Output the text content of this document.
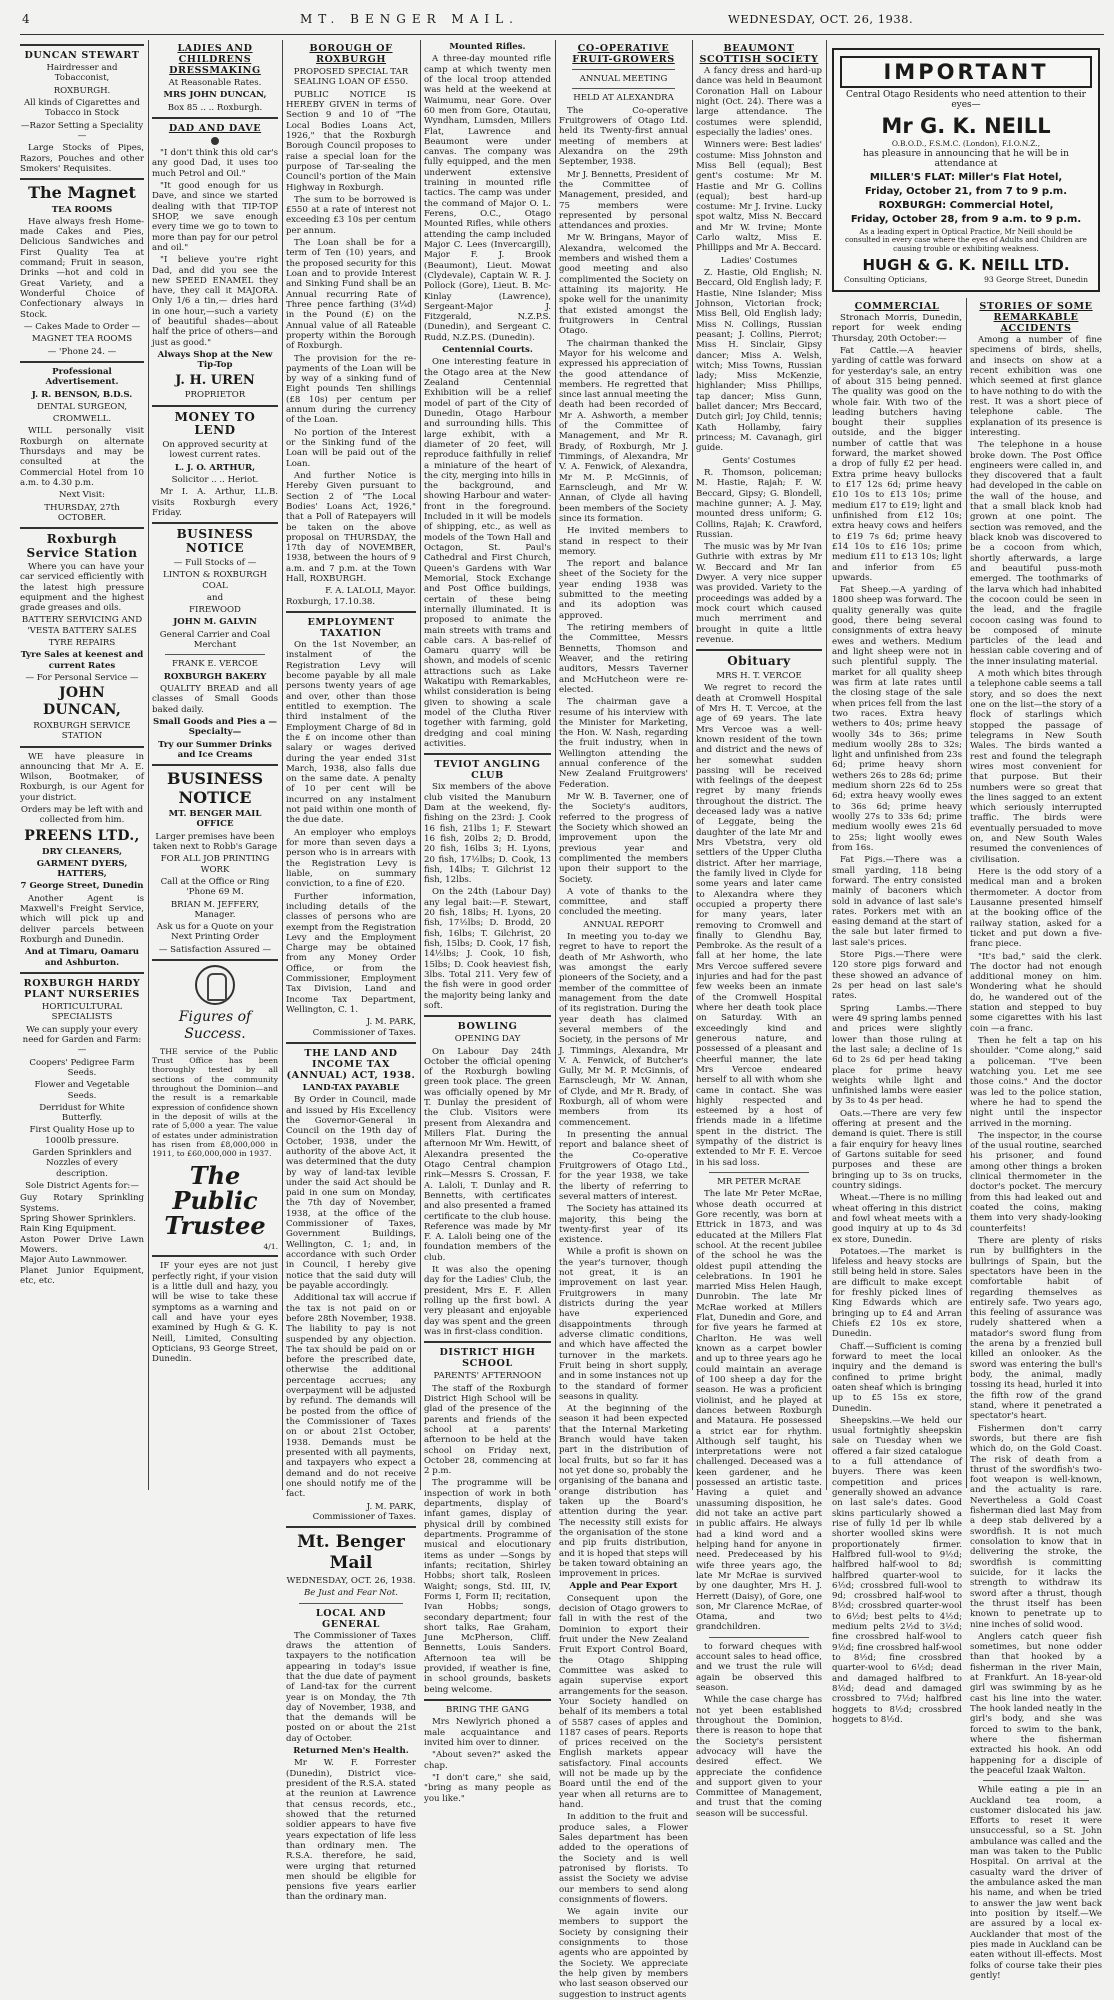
4	MT. BENGER MAIL.	WEDNESDAY, OCT. 26, 1938.
DUNCAN STEWART
Hairdresser and Tobacconist,
ROXBURGH.
All kinds of Cigarettes and Tobacco in Stock
—Razor Setting a Speciality—
Large Stocks of Pipes, Razors, Pouches and other Smokers' Requisites.
The Magnet
TEA ROOMS
Have always fresh Home-made Cakes and Pies, Delicious Sandwiches and First Quality Tea at command; Fruit in season, Drinks —hot and cold in Great Variety, and a Wonderful Choice of Confectionary always in Stock.
— Cakes Made to Order —
MAGNET TEA ROOMS
— 'Phone 24. —
Professional Advertisement.
J. R. BENSON, B.D.S.
DENTAL SURGEON,
CROMWELL.
WILL personally visit Roxburgh on alternate Thursdays and may be consulted at the Commercial Hotel from 10 a.m. to 4.30 p.m.
Next Visit:
THURSDAY, 27th OCTOBER.
Roxburgh Service Station
Where you can have your car serviced efficiently with the latest high pressure equipment and the highest grade greases and oils.
BATTERY SERVICING AND 'VESTA BATTERY SALES
TYRE REPAIRS
Tyre Sales at keenest and current Rates
— For Personal Service —
JOHN DUNCAN,
ROXBURGH SERVICE STATION
WE have pleasure in announcing that Mr A. E. Wilson, Bootmaker, of Roxburgh, is our Agent for your district.
Orders may be left with and collected from him.
PREENS LTD.,
DRY CLEANERS,
GARMENT DYERS, HATTERS,
7 George Street, Dunedin
Another Agent is Maxwell's Freight Service, which will pick up and deliver parcels between Roxburgh and Dunedin.
And at Timaru, Oamaru and Ashburton.
ROXBURGH HARDY PLANT NURSERIES
HORTICULTURAL SPECIALISTS
We can supply your every need for Garden and Farm:—
Coopers' Pedigree Farm Seeds.
Flower and Vegetable Seeds.
Derridust for White Butterfly.
First Quality Hose up to 1000lb pressure.
Garden Sprinklers and Nozzles of every description.
Sole District Agents for:—
Guy Rotary Sprinkling Systems.
Spring Shower Sprinklers.
Rain King Equipment.
Aston Power Drive Lawn Mowers.
Major Auto Lawnmower.
Planet Junior Equipment, etc, etc.
LADIES AND CHILDRENS DRESSMAKING
At Reasonable Rates.
MRS JOHN DUNCAN,
Box 85 .. .. Roxburgh.
DAD AND DAVE
"I don't think this old car's any good Dad, it uses too much Petrol and Oil."
"It good enough for us Dave, and since we started dealing with that TIP-TOP SHOP, we save enough every time we go to town to more than pay for our petrol and oil."
"I believe you're right Dad, and did you see the new SPEED ENAMEL they have, they call it MAJORA. Only 1/6 a tin,— dries hard in one hour,—such a variety of beautiful shades—about half the price of others—and just as good."
Always Shop at the New Tip-Top
J. H. UREN
PROPRIETOR
MONEY TO LEND
On approved security at lowest current rates.
L. J. O. ARTHUR,
Solicitor .. .. Heriot.
Mr I. A. Arthur, LL.B. visits Roxburgh every Friday.
BUSINESS NOTICE
— Full Stocks of —
LINTON & ROXBURGH COAL
and
FIREWOOD
JOHN M. GALVIN
General Carrier and Coal Merchant
FRANK E. VERCOE
ROXBURGH BAKERY
QUALITY BREAD and all classes of Small Goods baked daily.
Small Goods and Pies a —Specialty—
Try our Summer Drinks and Ice Creams
BUSINESS NOTICE
MT. BENGER MAIL OFFICE
Larger premises have been taken next to Robb's Garage
FOR ALL JOB PRINTING WORK
Call at the Office or Ring 'Phone 69 M.
BRIAN M. JEFFERY, Manager.
Ask us for a Quote on your Next Printing Order
— Satisfaction Assured —
Figures of Success.
THE service of the Public Trust Office has been thoroughly tested by all sections of the community throughout the Dominion—and the result is a remarkable expression of confidence shown in the deposit of wills at the rate of 5,000 a year. The value of estates under administration has risen from £8,000,000 in 1911, to £60,000,000 in 1937.
The Public Trustee
4/1.
IF your eyes are not just perfectly right, if your vision is a little dull and hazy, you will be wise to take these symptoms as a warning and call and have your eyes examined by Hugh & G. K. Neill, Limited, Consulting Opticians, 93 George Street, Dunedin.
BOROUGH OF ROXBURGH
PROPOSED SPECIAL TAR SEALING LOAN OF £550.
PUBLIC NOTICE IS HEREBY GIVEN in terms of Section 9 and 10 of "The Local Bodies Loans Act, 1926," that the Roxburgh Borough Council proposes to raise a special loan for the purpose of Tar-sealing the Council's portion of the Main Highway in Roxburgh.
The sum to be borrowed is £550 at a rate of interest not exceeding £3 10s per centum per annum.
The Loan shall be for a term of Ten (10) years, and the proposed security for this Loan and to provide Interest and Sinking Fund shall be an Annual recurring Rate of Three pence farthing (3¼d) in the Pound (£) on the Annual value of all Rateable property within the Borough of Roxburgh.
The provision for the re-payments of the Loan will be by way of a sinking fund of Eight pounds Ten shillings (£8 10s) per centum per annum during the currency of the Loan.
No portion of the Interest or the Sinking fund of the Loan will be paid out of the Loan.
And further Notice is Hereby Given pursuant to Section 2 of "The Local Bodies' Loans Act, 1926," that a Poll of Ratepayers will be taken on the above proposal on THURSDAY, the 17th day of NOVEMBER, 1938, between the hours of 9 a.m. and 7 p.m. at the Town Hall, ROXBURGH.
F. A. LALOLI, Mayor.
Roxburgh, 17.10.38.
EMPLOYMENT TAXATION
On the 1st November, an instalment of the Registration Levy will become payable by all male persons twenty years of age and over, other than those entitled to exemption. The third instalment of the Employment Charge of 8d in the £ on income other than salary or wages derived during the year ended 31st March, 1938, also falls due on the same date. A penalty of 10 per cent will be incurred on any instalment not paid within one month of the due date.
An employer who employs for more than seven days a person who is in arrears with the Registration Levy is liable, on summary conviction, to a fine of £20.
Further information, including details of the classes of persons who are exempt from the Registration Levy and the Employment Charge may be obtained from any Money Order Office, or from the Commissioner, Employment Tax Division, Land and Income Tax Department, Wellington, C. 1.
J. M. PARK,
Commissioner of Taxes.
THE LAND AND INCOME TAX (ANNUAL) ACT, 1938.
LAND-TAX PAYABLE
By Order in Council, made and issued by His Excellency the Governor-General in Council on the 19th day of October, 1938, under the authority of the above Act, it was determined that the duty by way of land-tax levible under the said Act should be paid in one sum on Monday, the 7th day of November, 1938, at the office of the Commissioner of Taxes, Government Buildings, Wellington, C. 1; and, in accordance with such Order in Council, I hereby give notice that the said duty will be payable accordingly.
Additional tax will accrue if the tax is not paid on or before 28th November, 1938. The liability to pay is not suspended by any objection. The tax should be paid on or before the prescribed date, otherwise the additional percentage accrues; any overpayment will be adjusted by refund. The demands will be posted from the office of the Commissioner of Taxes on or about 21st October, 1938. Demands must be presented with all payments, and taxpayers who expect a demand and do not receive one should notify me of the fact.
J. M. PARK,
Commissioner of Taxes.
Mt. Benger Mail
WEDNESDAY, OCT. 26, 1938.
Be Just and Fear Not.
LOCAL AND GENERAL
The Commissioner of Taxes draws the attention of taxpayers to the notification appearing in today's issue that the due date of payment of Land-tax for the current year is on Monday, the 7th day of November, 1938, and that the demands will be posted on or about the 21st day of October.
Returned Men's Health.
Mr W. F. Forrester (Dunedin), District vice-president of the R.S.A. stated at the reunion at Lawrence that census records, etc., showed that the returned soldier appears to have five years expectation of life less than ordinary men. The R.S.A. therefore, he said, were urging that returned men should be eligible for pensions five years earlier than the ordinary man.
Mounted Rifles.
A three-day mounted rifle camp at which twenty men of the local troop attended was held at the weekend at Waimumu, near Gore. Over 60 men from Gore, Otautau, Wyndham, Lumsden, Millers Flat, Lawrence and Beaumont were under canvas. The company was fully equipped, and the men underwent extensive training in mounted rifle tactics. The camp was under the command of Major O. L. Ferens, O.C., Otago Mounted Rifles, while others attending the camp included Major C. Lees (Invercargill), Major F. J. Brook (Beaumont), Lieut. Mowat (Clydevale), Captain W. R. J. Pollock (Gore), Lieut. B. Mc-Kinlay (Lawrence), Sergeant-Major J. Fitzgerald, N.Z.P.S. (Dunedin), and Sergeant C. Rudd, N.Z.P.S. (Dunedin).
Centennial Courts.
One interesting feature in the Otago area at the New Zealand Centennial Exhibition will be a relief model of part of the City of Dunedin, Otago Harbour and surrounding hills. This large exhibit, with a diameter of 20 feet, will reproduce faithfully in relief a miniature of the heart of the city, merging into hills in the background, and showing Harbour and water-front in the foreground. Included in it will be models of shipping, etc., as well as models of the Town Hall and Octagon, St. Paul's Cathedral and First Church, Queen's Gardens with War Memorial, Stock Exchange and Post Office buildings, certain of these being internally illuminated. It is proposed to animate the main streets with trams and cable cars. A bas-relief of Oamaru quarry will be shown, and models of scenic attractions such as Lake Wakatipu with Remarkables, whilst consideration is being given to showing a scale model of the Clutha River together with farming, gold dredging and coal mining activities.
TEVIOT ANGLING CLUB
Six members of the above club visited the Manuburn Dam at the weekend, fly-fishing on the 23rd: J. Cook 16 fish, 21lbs 1; F. Stewart 16 fish, 20lbs 2; D. Brodd, 20 fish, 16lbs 3; H. Lyons, 20 fish, 17½lbs; D. Cook, 13 fish, 14lbs; T. Gilchrist 12 fish, 12lbs.
On the 24th (Labour Day) any legal bait:—F. Stewart, 20 fish, 18lbs; H. Lyons, 20 fish, 17½lbs; D. Brodd, 20 fish, 16lbs; T. Gilchrist, 20 fish, 15lbs; D. Cook, 17 fish, 14½lbs; J. Cook, 10 fish, 15lbs; D. Cook heaviest fish, 3lbs. Total 211. Very few of the fish were in good order the majority being lanky and soft.
BOWLING
OPENING DAY
On Labour Day 24th October the official opening of the Roxburgh bowling green took place. The green was officially opened by Mr T. Dunlay the president of the Club. Visitors were present from Alexandra and Millers Flat. During the afternoon Mr Wm. Hewitt, of Alexandra presented the Otago Central champion rink—Messrs S. Crossan, F. A. Laloli, T. Dunlay and R. Bennetts, with certificates and also presented a framed certificate to the club house. Reference was made by Mr F. A. Laloli being one of the foundation members of the club.
It was also the opening day for the Ladies' Club, the president, Mrs E. F. Allen rolling up the first bowl. A very pleasant and enjoyable day was spent and the green was in first-class condition.
DISTRICT HIGH SCHOOL
PARENTS' AFTERNOON
The staff of the Roxburgh District High School will be glad of the presence of the parents and friends of the school at a parents' afternoon to be held at the school on Friday next, October 28, commencing at 2 p.m.
The programme will be inspection of work in both departments, display of infant games, display of physical drill by combined departments. Programme of musical and elocutionary items as under —Songs by infants; recitation, Shirley Hobbs; short talk, Rosleen Waight; songs, Std. III, IV, Forms I, Form II; recitation, Ivan Hobbs; songs, secondary department; four short talks, Rae Graham, June McPherson, Cliff. Bennetts, Louis Sanders. Afternoon tea will be provided, if weather is fine, in school grounds, baskets being welcome.
BRING THE GANG
Mrs Newlyrich phoned a male acquaintance and invited him over to dinner.
"About seven?" asked the chap.
"I don't care," she said, "bring as many people as you like."
CO-OPERATIVE FRUIT-GROWERS
ANNUAL MEETING
HELD AT ALEXANDRA
The Co-operative Fruitgrowers of Otago Ltd. held its Twenty-first annual meeting of members at Alexandra on the 29th September, 1938.
Mr J. Bennetts, President of the Committee of Management, presided, and 75 members were represented by personal attendances and proxies.
Mr W. Bringans, Mayor of Alexandra, welcomed the members and wished them a good meeting and also complimented the Society on attaining its majority. He spoke well for the unanimity that existed amongst the fruitgrowers in Central Otago.
The chairman thanked the Mayor for his welcome and expressed his appreciation of the good attendance of members. He regretted that since last annual meeting the death had been recorded of Mr A. Ashworth, a member of the Committee of Management, and Mr R. Brady, of Roxburgh, Mr J. Timmings, of Alexandra, Mr V. A. Fenwick, of Alexandra, Mr M. P. McGinnis, of Earnscleugh, and Mr W. Annan, of Clyde all having been members of the Society since its formation.
He invited members to stand in respect to their memory.
The report and balance sheet of the Society for the year ending 1938 was submitted to the meeting and its adoption was approved.
The retiring members of the Committee, Messrs Bennetts, Thomson and Weaver, and the retiring auditors, Messrs Taverner and McHutcheon were re-elected.
The chairman gave a resume of his interview with the Minister for Marketing, the Hon. W. Nash, regarding the fruit industry, when in Wellington attending the annual conference of the New Zealand Fruitgrowers' Federation.
Mr W. B. Taverner, one of the Society's auditors, referred to the progress of the Society which showed an improvement upon the previous year and complimented the members upon their support to the Society.
A vote of thanks to the committee, and staff concluded the meeting.
ANNUAL REPORT
In meeting you to-day we regret to have to report the death of Mr Ashworth, who was amongst the early pioneers of the Society, and a member of the committee of management from the date of its registration. During the year death has claimed several members of the Society, in the persons of Mr J. Timmings, Alexandra, Mr V. A. Fenwick, of Butcher's Gully, Mr M. P. McGinnis, of Earnscleugh, Mr W. Annan, of Clyde, and Mr R. Brady, of Roxburgh, all of whom were members from its commencement.
In presenting the annual report and balance sheet of the Co-operative Fruitgrowers of Otago Ltd., for the year 1938, we take the liberty of referring to several matters of interest.
The Society has attained its majority, this being the twenty-first year of its existence.
While a profit is shown on the year's turnover, though not great, it is an improvement on last year. Fruitgrowers in many districts during the year have experienced disappointments through adverse climatic conditions, and which have affected the turnover in the markets. Fruit being in short supply, and in some instances not up to the standard of former seasons in quality.
At the beginning of the season it had been expected that the Internal Marketing Branch would have taken part in the distribution of local fruits, but so far it has not yet done so, probably the organising of the banana and orange distribution has taken up the Board's attention during the year. The necessity still exists for the organisation of the stone and pip fruits distribution, and it is hoped that steps will be taken toward obtaining an improvement in prices.
Apple and Pear Export
Consequent upon the decision of Otago growers to fall in with the rest of the Dominion to export their fruit under the New Zealand Fruit Export Control Board, the Otago Shipping Committee was asked to again supervise export arrangements for the season. Your Society handled on behalf of its members a total of 5587 cases of apples and 1187 cases of pears. Reports of prices received on the English markets appear satisfactory. Final accounts will not be made up by the Board until the end of the year when all returns are to hand.
In addition to the fruit and produce sales, a Flower Sales department has been added to the operations of the Society and is well patronised by florists. To assist the Society we advise our members to send along consignments of flowers.
We again invite our members to support the Society by consigning their consignments to those agents who are appointed by the Society. We appreciate the help given by members who last season observed our suggestion to instruct agents
BEAUMONT SCOTTISH SOCIETY
A fancy dress and hard-up dance was held in Beaumont Coronation Hall on Labour night (Oct. 24). There was a large attendance. The costumes were splendid, especially the ladies' ones.
Winners were: Best ladies' costume: Miss Johnston and Miss Bell (equal); Best gent's costume: Mr M. Hastie and Mr G. Collins (equal); best hard-up costume: Mr J. Irvine. Lucky spot waltz, Miss N. Beccard and Mr W. Irvine; Monte Carlo waltz, Miss E. Phillipps and Mr A. Beccard.
Ladies' Costumes
Z. Hastie, Old English; N. Beccard, Old English lady; F. Hastie, Nine Islander; Miss Johnson, Victorian frock; Miss Bell, Old English lady; Miss N. Collings, Russian peasant; J. Collins, Pierrot; Miss H. Sinclair, Gipsy dancer; Miss A. Welsh, witch; Miss Towns, Russian lady; Miss McKenzie, highlander; Miss Phillips, tap dancer; Miss Gunn, ballet dancer; Mrs Beccard, Dutch girl; Joy Child, tennis; Kath Hollamby, fairy princess; M. Cavanagh, girl guide.
Gents' Costumes
R. Thomson, policeman; M. Hastie, Rajah; F. W. Beccard, Gipsy; G. Blondell, machine gunner; A. J. May, mounted dress uniform; G. Collins, Rajah; K. Crawford, Russian.
The music was by Mr Ivan Guthrie with extras by Mr W. Beccard and Mr Ian Dwyer. A very nice supper was provided. Variety to the proceedings was added by a mock court which caused much merriment and brought in quite a little revenue.
Obituary
MRS H. T. VERCOE
We regret to record the death at Cromwell Hospital of Mrs H. T. Vercoe, at the age of 69 years. The late Mrs Vercoe was a well-known resident of the town and district and the news of her somewhat sudden passing will be received with feelings of the deepest regret by many friends throughout the district. The deceased lady was a native of Leggate, being the daughter of the late Mr and Mrs Vbetstra, very old settlers of the Upper Clutha district. After her marriage, the family lived in Clyde for some years and later came to Alexandra where they occupied a property there for many years, later removing to Cromwell and finally to Glendhu Bay, Pembroke. As the result of a fall at her home, the late Mrs Vercoe suffered severe injuries and had for the past few weeks been an inmate of the Cromwell Hospital where her death took place on Saturday. With an exceedingly kind and generous nature, and possessed of a pleasant and cheerful manner, the late Mrs Vercoe endeared herself to all with whom she came in contact. She was highly respected and esteemed by a host of friends made in a lifetime spent in the district. The sympathy of the district is extended to Mr F. E. Vercoe in his sad loss.
MR PETER McRAE
The late Mr Peter McRae, whose death occurred at Gore recently, was born at Ettrick in 1873, and was educated at the Millers Flat school. At the recent jubilee of the school he was the oldest pupil attending the celebrations. In 1901 he married Miss Helen Haugh, Dunrobin. The late Mr McRae worked at Millers Flat, Dunedin and Gore, and for five years he farmed at Charlton. He was well known as a carpet bowler and up to three years ago he could maintain an average of 100 sheep a day for the season. He was a proficient violinist, and he played at dances between Roxburgh and Mataura. He possessed a strict ear for rhythm. Although self taught, his interpretations were not challenged. Deceased was a keen gardener, and he possessed an artistic taste. Having a quiet and unassuming disposition, he did not take an active part in public affairs. He always had a kind word and a helping hand for anyone in need. Predeceased by his wife three years ago, the late Mr McRae is survived by one daughter, Mrs H. J. Herrett (Daisy), of Gore, one son, Mr Clarence McRae, of Otama, and two grandchildren.
to forward cheques with account sales to head office, and we trust the rule will again be observed this season.
While the case charge has not yet been established throughout the Dominion, there is reason to hope that the Society's persistent advocacy will have the desired effect. We appreciate the confidence and support given to your Committee of Management, and trust that the coming season will be successful.
IMPORTANT
Central Otago Residents who need attention to their eyes—
Mr G. K. NEILL
O.B.O.D., F.S.M.C. (London), F.I.O.N.Z.,
has pleasure in announcing that he will be in attendance at
MILLER'S FLAT: Miller's Flat Hotel,
Friday, October 21, from 7 to 9 p.m.
ROXBURGH: Commercial Hotel,
Friday, October 28, from 9 a.m. to 9 p.m.
As a leading expert in Optical Practice, Mr Neill should be consulted in every case where the eyes of Adults and Children are causing trouble or exhibiting weakness.
HUGH & G. K. NEILL LTD.
Consulting Opticians,	93 George Street, Dunedin
COMMERCIAL
Stronach Morris, Dunedin, report for week ending Thursday, 20th October:—
Fat Cattle.—A heavier yarding of cattle was forward for yesterday's sale, an entry of about 315 being penned. The quality was good on the whole fair. With two of the leading butchers having bought their supplies outside, and the bigger number of cattle that was forward, the market showed a drop of fully £2 per head. Extra prime heavy bullocks to £17 12s 6d; prime heavy £10 10s to £13 10s; prime medium £17 to £19; light and unfinished from £12 10s; extra heavy cows and heifers to £19 7s 6d; prime heavy £14 10s to £16 10s; prime medium £11 to £13 10s; light and inferior from £5 upwards.
Fat Sheep.—A yarding of 1800 sheep was forward. The quality generally was quite good, there being several consignments of extra heavy ewes and wethers. Medium and light sheep were not in such plentiful supply. The market for all quality sheep was firm at late rates until the closing stage of the sale when prices fell from the last two races. Extra heavy wethers to 40s; prime heavy woolly 34s to 36s; prime medium woolly 28s to 32s; light and unfinished from 23s 6d; prime heavy shorn wethers 26s to 28s 6d; prime medium shorn 22s 6d to 25s 6d; extra heavy woolly ewes to 36s 6d; prime heavy woolly 27s to 33s 6d; prime medium woolly ewes 21s 6d to 25s; light woolly ewes from 16s.
Fat Pigs.—There was a small yarding, 118 being forward. The entry consisted mainly of baconers which sold in advance of last sale's rates. Porkers met with an easing demand at the start of the sale but later firmed to last sale's prices.
Store Pigs.—There were 120 store pigs forward and these showed an advance of 2s per head on last sale's rates.
Spring Lambs.—There were 49 spring lambs penned and prices were slightly lower than those ruling at the last sale; a decline of 1s 6d to 2s 6d per head taking place for prime heavy weights while light and unfinished lambs were easier by 3s to 4s per head.
Oats.—There are very few offering at present and the demand is quiet. There is still a fair enquiry for heavy lines of Gartons suitable for seed purposes and these are bringing up to 3s on trucks, country sidings.
Wheat.—There is no milling wheat offering in this district and fowl wheat meets with a good inquiry at up to 4s 3d ex store, Dunedin.
Potatoes.—The market is lifeless and heavy stocks are still being held in store. Sales are difficult to make except for freshly picked lines of King Edwards which are bringing up to £4 and Arran Chiefs £2 10s ex store, Dunedin.
Chaff.—Sufficient is coming forward to meet the local inquiry and the demand is confined to prime bright oaten sheaf which is bringing up to £5 15s ex store, Dunedin.
Sheepskins.—We held our usual fortnightly sheepskin sale on Tuesday when we offered a fair sized catalogue to a full attendance of buyers. There was keen competition and prices generally showed an advance on last sale's dates. Good skins particularly showed a rise of fully 1d per lb while shorter woolled skins were proportionately firmer. Halfbred full-wool to 9½d; halfbred half-wool to 8d; halfbred quarter-wool to 6½d; crossbred full-wool to 9d; crossbred half-wool to 8½d; crossbred quarter-wool to 6½d; best pelts to 4½d; medium pelts 2½d to 3½d; fine crossbred half-wool to 9½d; fine crossbred half-wool to 8½d; fine crossbred quarter-wool to 6½d; dead and damaged halfbred to 8½d; dead and damaged crossbred to 7½d; halfbred hoggets to 8½d; crossbred hoggets to 8½d.
STORIES OF SOME REMARKABLE ACCIDENTS
Among a number of fine specimens of birds, shells, and insects on show at a recent exhibition was one which seemed at first glance to have nothing to do with the rest. It was a short piece of telephone cable. The explanation of its presence is interesting.
The telephone in a house broke down. The Post Office engineers were called in, and they discovered that a fault had developed in the cable on the wall of the house, and that a small black knob had grown at one point. The section was removed, and the black knob was discovered to be a cocoon from which, shortly afterwards, a large and beautiful puss-moth emerged. The toothmarks of the larva which had inhabited the cocoon could be seen in the lead, and the fragile cocoon casing was found to be composed of minute particles of the lead and hessian cable covering and of the inner insulating material.
A moth which bites through a telephone cable seems a tall story, and so does the next one on the list—the story of a flock of starlings which stopped the passage of telegrams in New South Wales. The birds wanted a rest and found the telegraph wires most convenient for that purpose. But their numbers were so great that the lines sagged to an extent which seriously interrupted traffic. The birds were eventually persuaded to move on, and New South Wales resumed the conveniences of civilisation.
Here is the odd story of a medical man and a broken thermometer. A doctor from Lausanne presented himself at the booking office of the railway station, asked for a ticket and put down a five-franc piece.
"It's bad," said the clerk. The doctor had not enough additional money on him. Wondering what he should do, he wandered out of the station and stepped to buy some cigarettes with his last coin —a franc.
Then he felt a tap on his shoulder. "Come along," said a policeman. "I've been watching you. Let me see those coins." And the doctor was led to the police station, where he had to spend the night until the inspector arrived in the morning.
The inspector, in the course of the usual routine, searched his prisoner, and found among other things a broken clinical thermometer in the doctor's pocket. The mercury from this had leaked out and coated the coins, making them into very shady-looking counterfeits!
There are plenty of risks run by bullfighters in the bullrings of Spain, but the spectators have been in the comfortable habit of regarding themselves as entirely safe. Two years ago, this feeling of assurance was rudely shattered when a matador's sword flung from the arena by a frenzied bull killed an onlooker. As the sword was entering the bull's body, the animal, madly tossing its head, hurled it into the fifth row of the grand stand, where it penetrated a spectator's heart.
Fishermen don't carry swords, but there are fish which do, on the Gold Coast. The risk of death from a thrust of the swordfish's two-foot weapon is well-known, and the actuality is rare. Nevertheless a Gold Coast fisherman died last May from a deep stab delivered by a swordfish. It is not much consolation to know that in delivering the stroke, the swordfish is committing suicide, for it lacks the strength to withdraw its sword after a thrust, though the thrust itself has been known to penetrate up to nine inches of solid wood.
Anglers catch queer fish sometimes, but none odder than that hooked by a fisherman in the river Main, at Frankfurt. An 18-year-old girl was swimming by as he cast his line into the water. The hook landed neatly in the girl's body, and she was forced to swim to the bank, where the fisherman extracted his hook. An odd happening for a disciple of the peaceful Izaak Walton.
While eating a pie in an Auckland tea room, a customer dislocated his jaw. Efforts to reset it were unsuccessful, so a St. John ambulance was called and the man was taken to the Public Hospital. On arrival at the casualty ward the driver of the ambulance asked the man his name, and when be tried to answer the jaw went back into position by itself.—We are assured by a local ex-Aucklander that most of the pies made in Auckland can be eaten without ill-effects. Most folks of course take their pies gently!
